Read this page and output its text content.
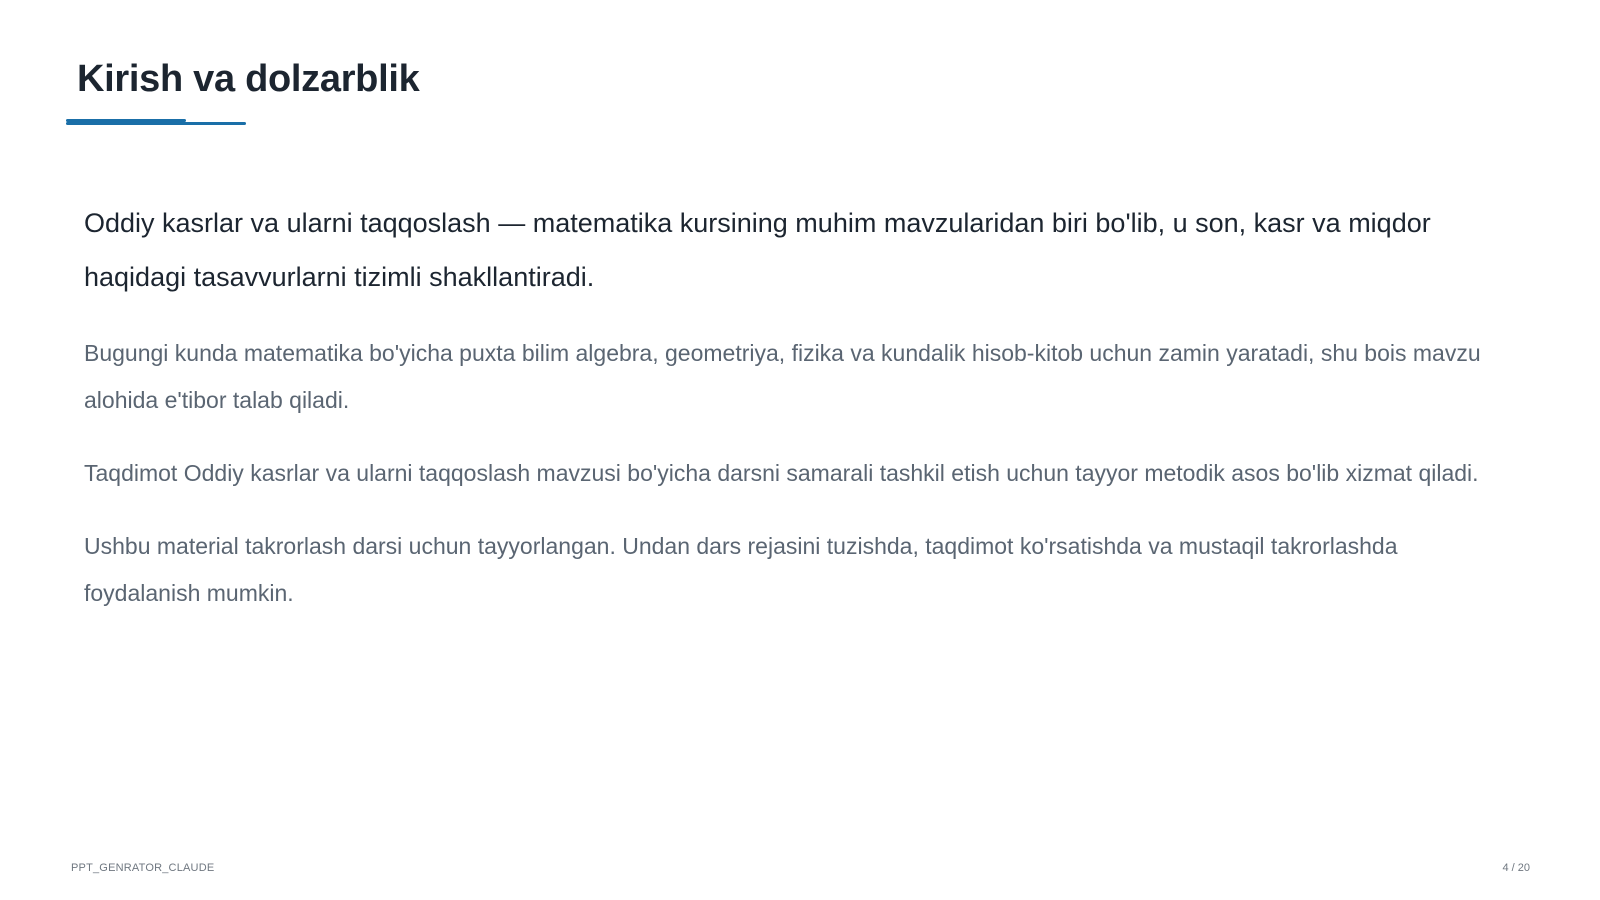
Kirish va dolzarblik

Oddiy kasrlar va ularni taqqoslash — matematika kursining muhim mavzularidan biri bo'lib, u son, kasr va miqdor haqidagi tasavvurlarni tizimli shakllantiradi.

Bugungi kunda matematika bo'yicha puxta bilim algebra, geometriya, fizika va kundalik hisob-kitob uchun zamin yaratadi, shu bois mavzu alohida e'tibor talab qiladi.

Taqdimot Oddiy kasrlar va ularni taqqoslash mavzusi bo'yicha darsni samarali tashkil etish uchun tayyor metodik asos bo'lib xizmat qiladi.

Ushbu material takrorlash darsi uchun tayyorlangan. Undan dars rejasini tuzishda, taqdimot ko'rsatishda va mustaqil takrorlashda foydalanish mumkin.

PPT_GENRATOR_CLAUDE	4 / 20
